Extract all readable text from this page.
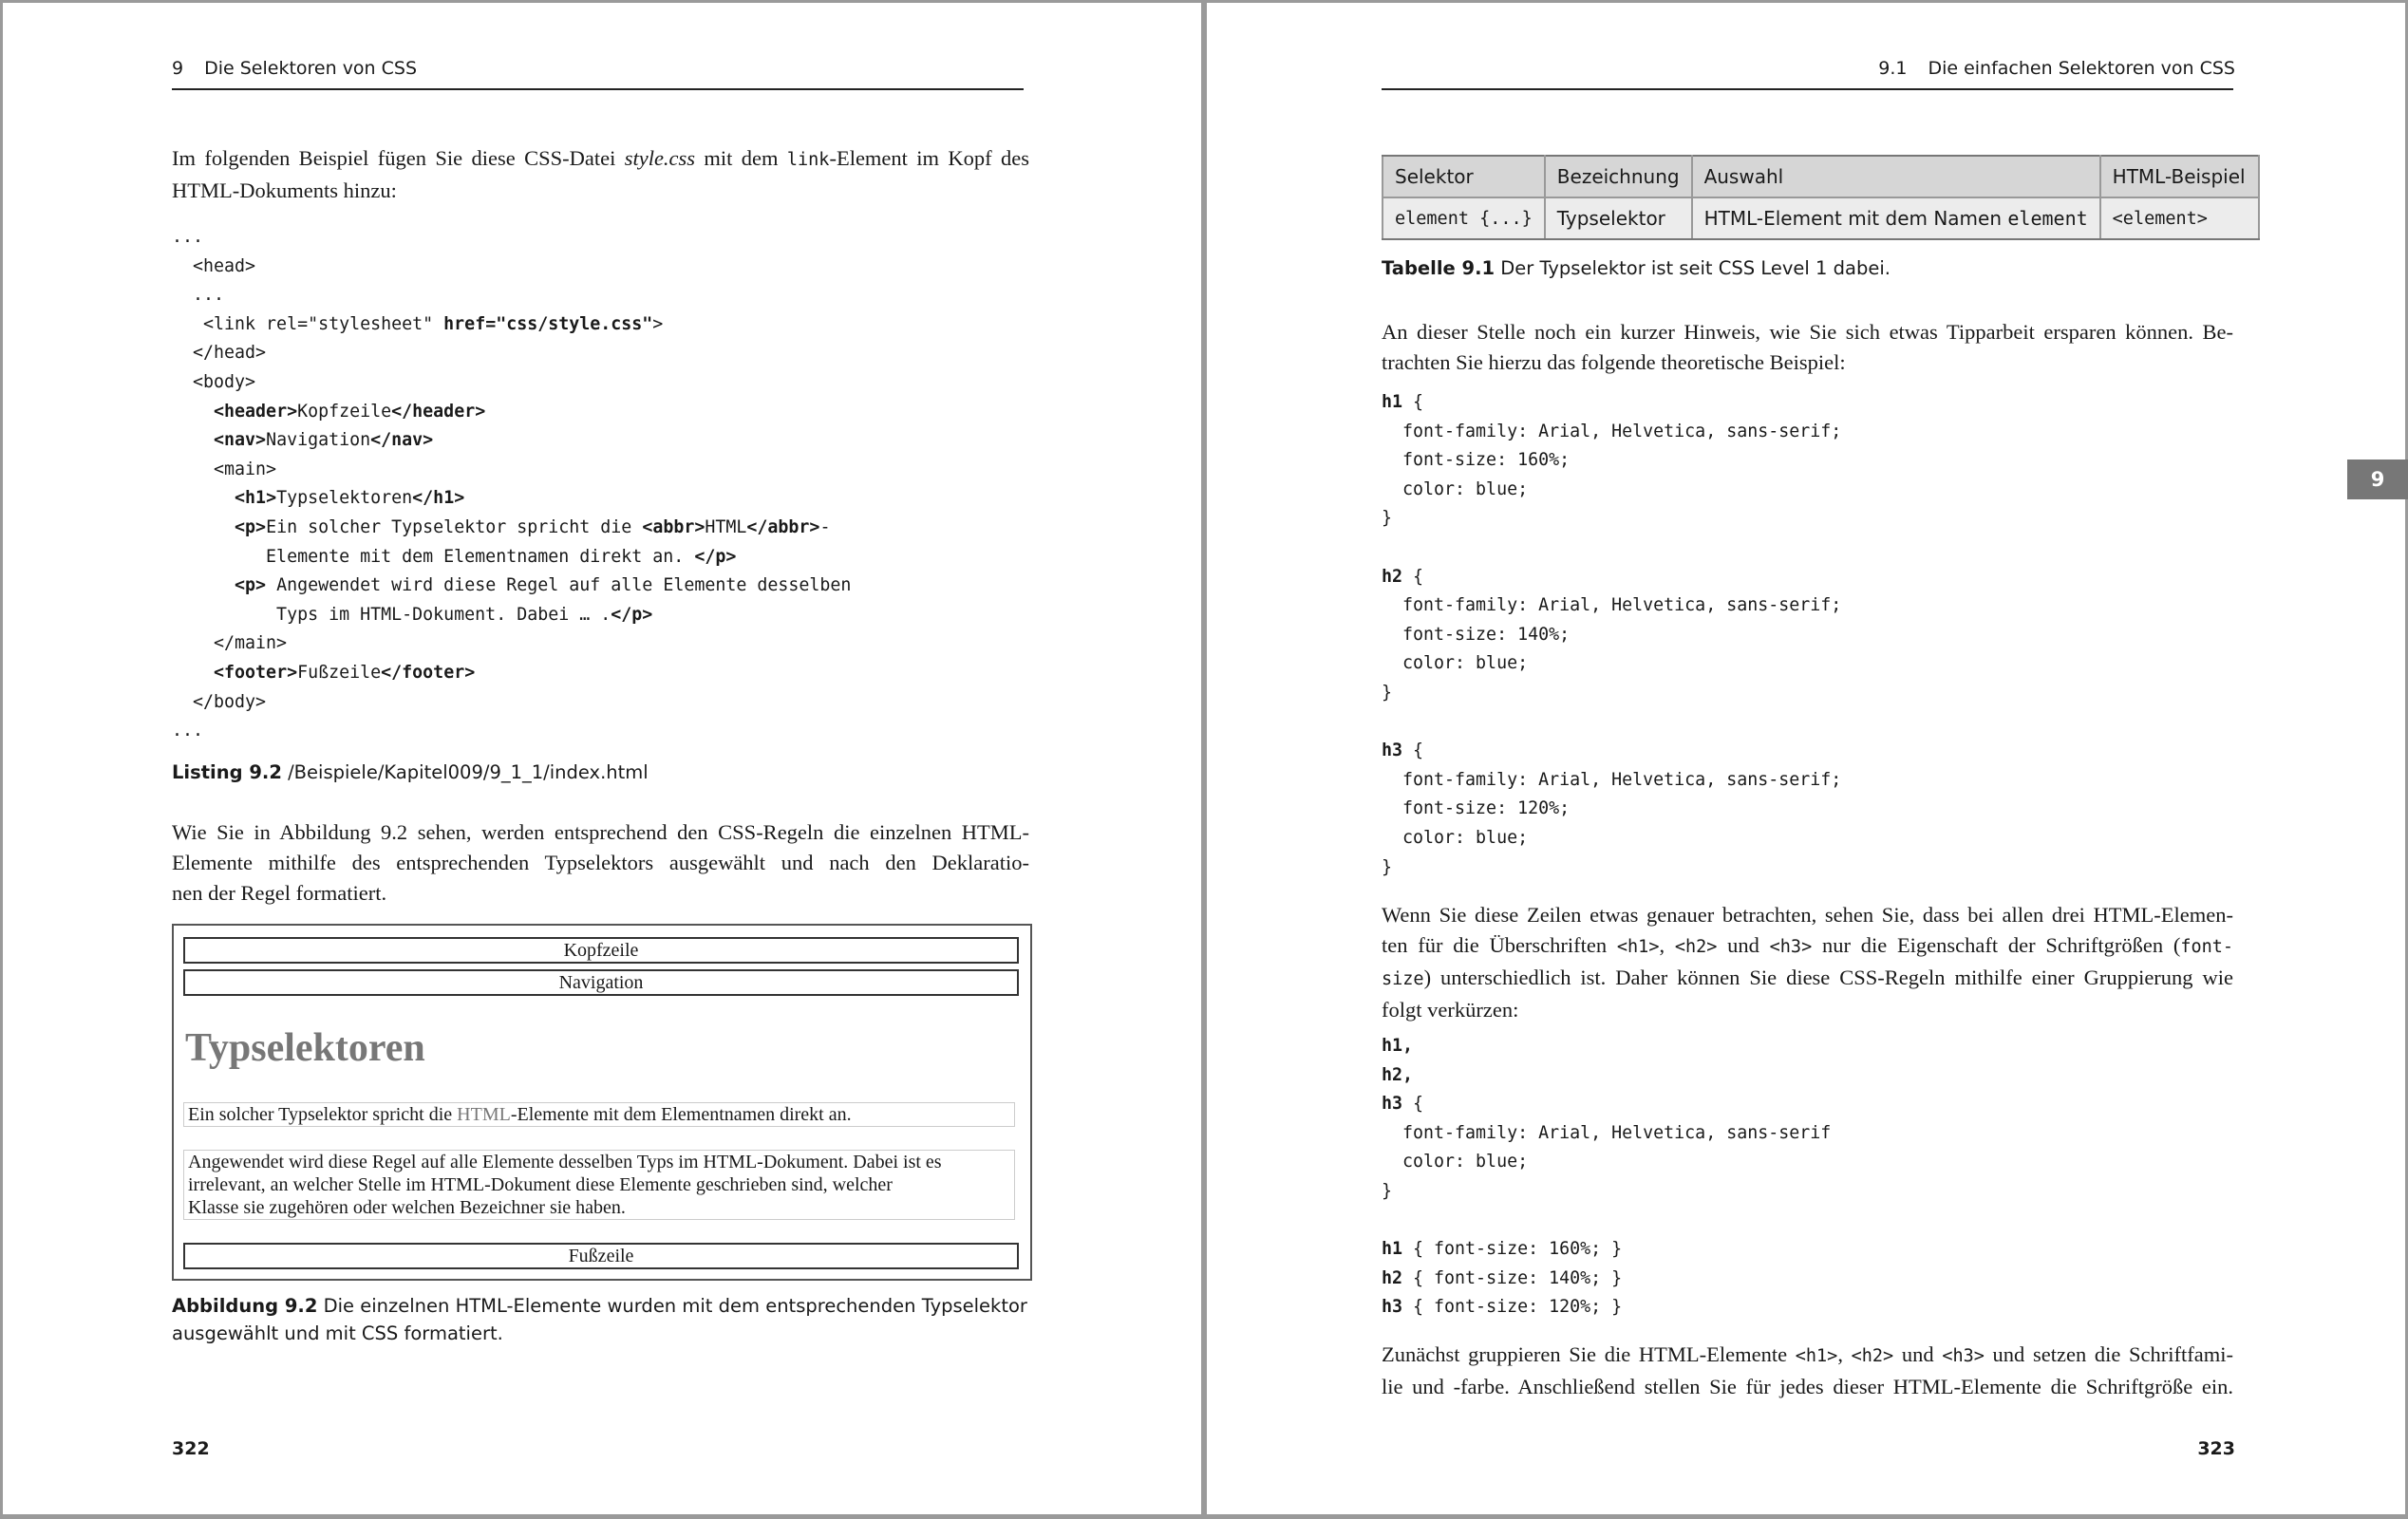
9 Die Selektoren von CSS
Im folgenden Beispiel fügen Sie diese CSS-Datei style.css mit dem link-Element im Kopf des
HTML-Dokuments hinzu:
...
<head>
...
<link rel="stylesheet" href="css/style.css">
</head>
<body>
<header>Kopfzeile</header>
<nav>Navigation</nav>
<main>
<h1>Typselektoren</h1>
<p>Ein solcher Typselektor spricht die <abbr>HTML</abbr>-
Elemente mit dem Elementnamen direkt an. </p>
<p> Angewendet wird diese Regel auf alle Elemente desselben
Typs im HTML-Dokument. Dabei … .</p>
</main>
<footer>Fußzeile</footer>
</body>
...
Listing 9.2 /Beispiele/Kapitel009/9_1_1/index.html
Wie Sie in Abbildung 9.2 sehen, werden entsprechend den CSS-Regeln die einzelnen HTML-
Elemente mithilfe des entsprechenden Typselektors ausgewählt und nach den Deklaratio-
nen der Regel formatiert.
Kopfzeile
Navigation
Typselektoren
Ein solcher Typselektor spricht die HTML-Elemente mit dem Elementnamen direkt an.
Angewendet wird diese Regel auf alle Elemente desselben Typs im HTML-Dokument. Dabei ist es
irrelevant, an welcher Stelle im HTML-Dokument diese Elemente geschrieben sind, welcher
Klasse sie zugehören oder welchen Bezeichner sie haben.
Fußzeile
Abbildung 9.2 Die einzelnen HTML-Elemente wurden mit dem entsprechenden Typselektor
ausgewählt und mit CSS formatiert.
322
9.1 Die einfachen Selektoren von CSS
Selektor	Bezeichnung	Auswahl	HTML-Beispiel
element {...}	Typselektor	HTML-Element mit dem Namen element	<element>
Tabelle 9.1 Der Typselektor ist seit CSS Level 1 dabei.
An dieser Stelle noch ein kurzer Hinweis, wie Sie sich etwas Tipparbeit ersparen können. Be-
trachten Sie hierzu das folgende theoretische Beispiel:
h1 {
font-family: Arial, Helvetica, sans-serif;
font-size: 160%;
color: blue;
}

h2 {
font-family: Arial, Helvetica, sans-serif;
font-size: 140%;
color: blue;
}

h3 {
font-family: Arial, Helvetica, sans-serif;
font-size: 120%;
color: blue;
}
Wenn Sie diese Zeilen etwas genauer betrachten, sehen Sie, dass bei allen drei HTML-Elemen-
ten für die Überschriften <h1>, <h2> und <h3> nur die Eigenschaft der Schriftgrößen (font-
size) unterschiedlich ist. Daher können Sie diese CSS-Regeln mithilfe einer Gruppierung wie
folgt verkürzen:
h1,
h2,
h3 {
font-family: Arial, Helvetica, sans-serif
color: blue;
}

h1 { font-size: 160%; }
h2 { font-size: 140%; }
h3 { font-size: 120%; }
Zunächst gruppieren Sie die HTML-Elemente <h1>, <h2> und <h3> und setzen die Schriftfami-
lie und -farbe. Anschließend stellen Sie für jedes dieser HTML-Elemente die Schriftgröße ein.
323
9
